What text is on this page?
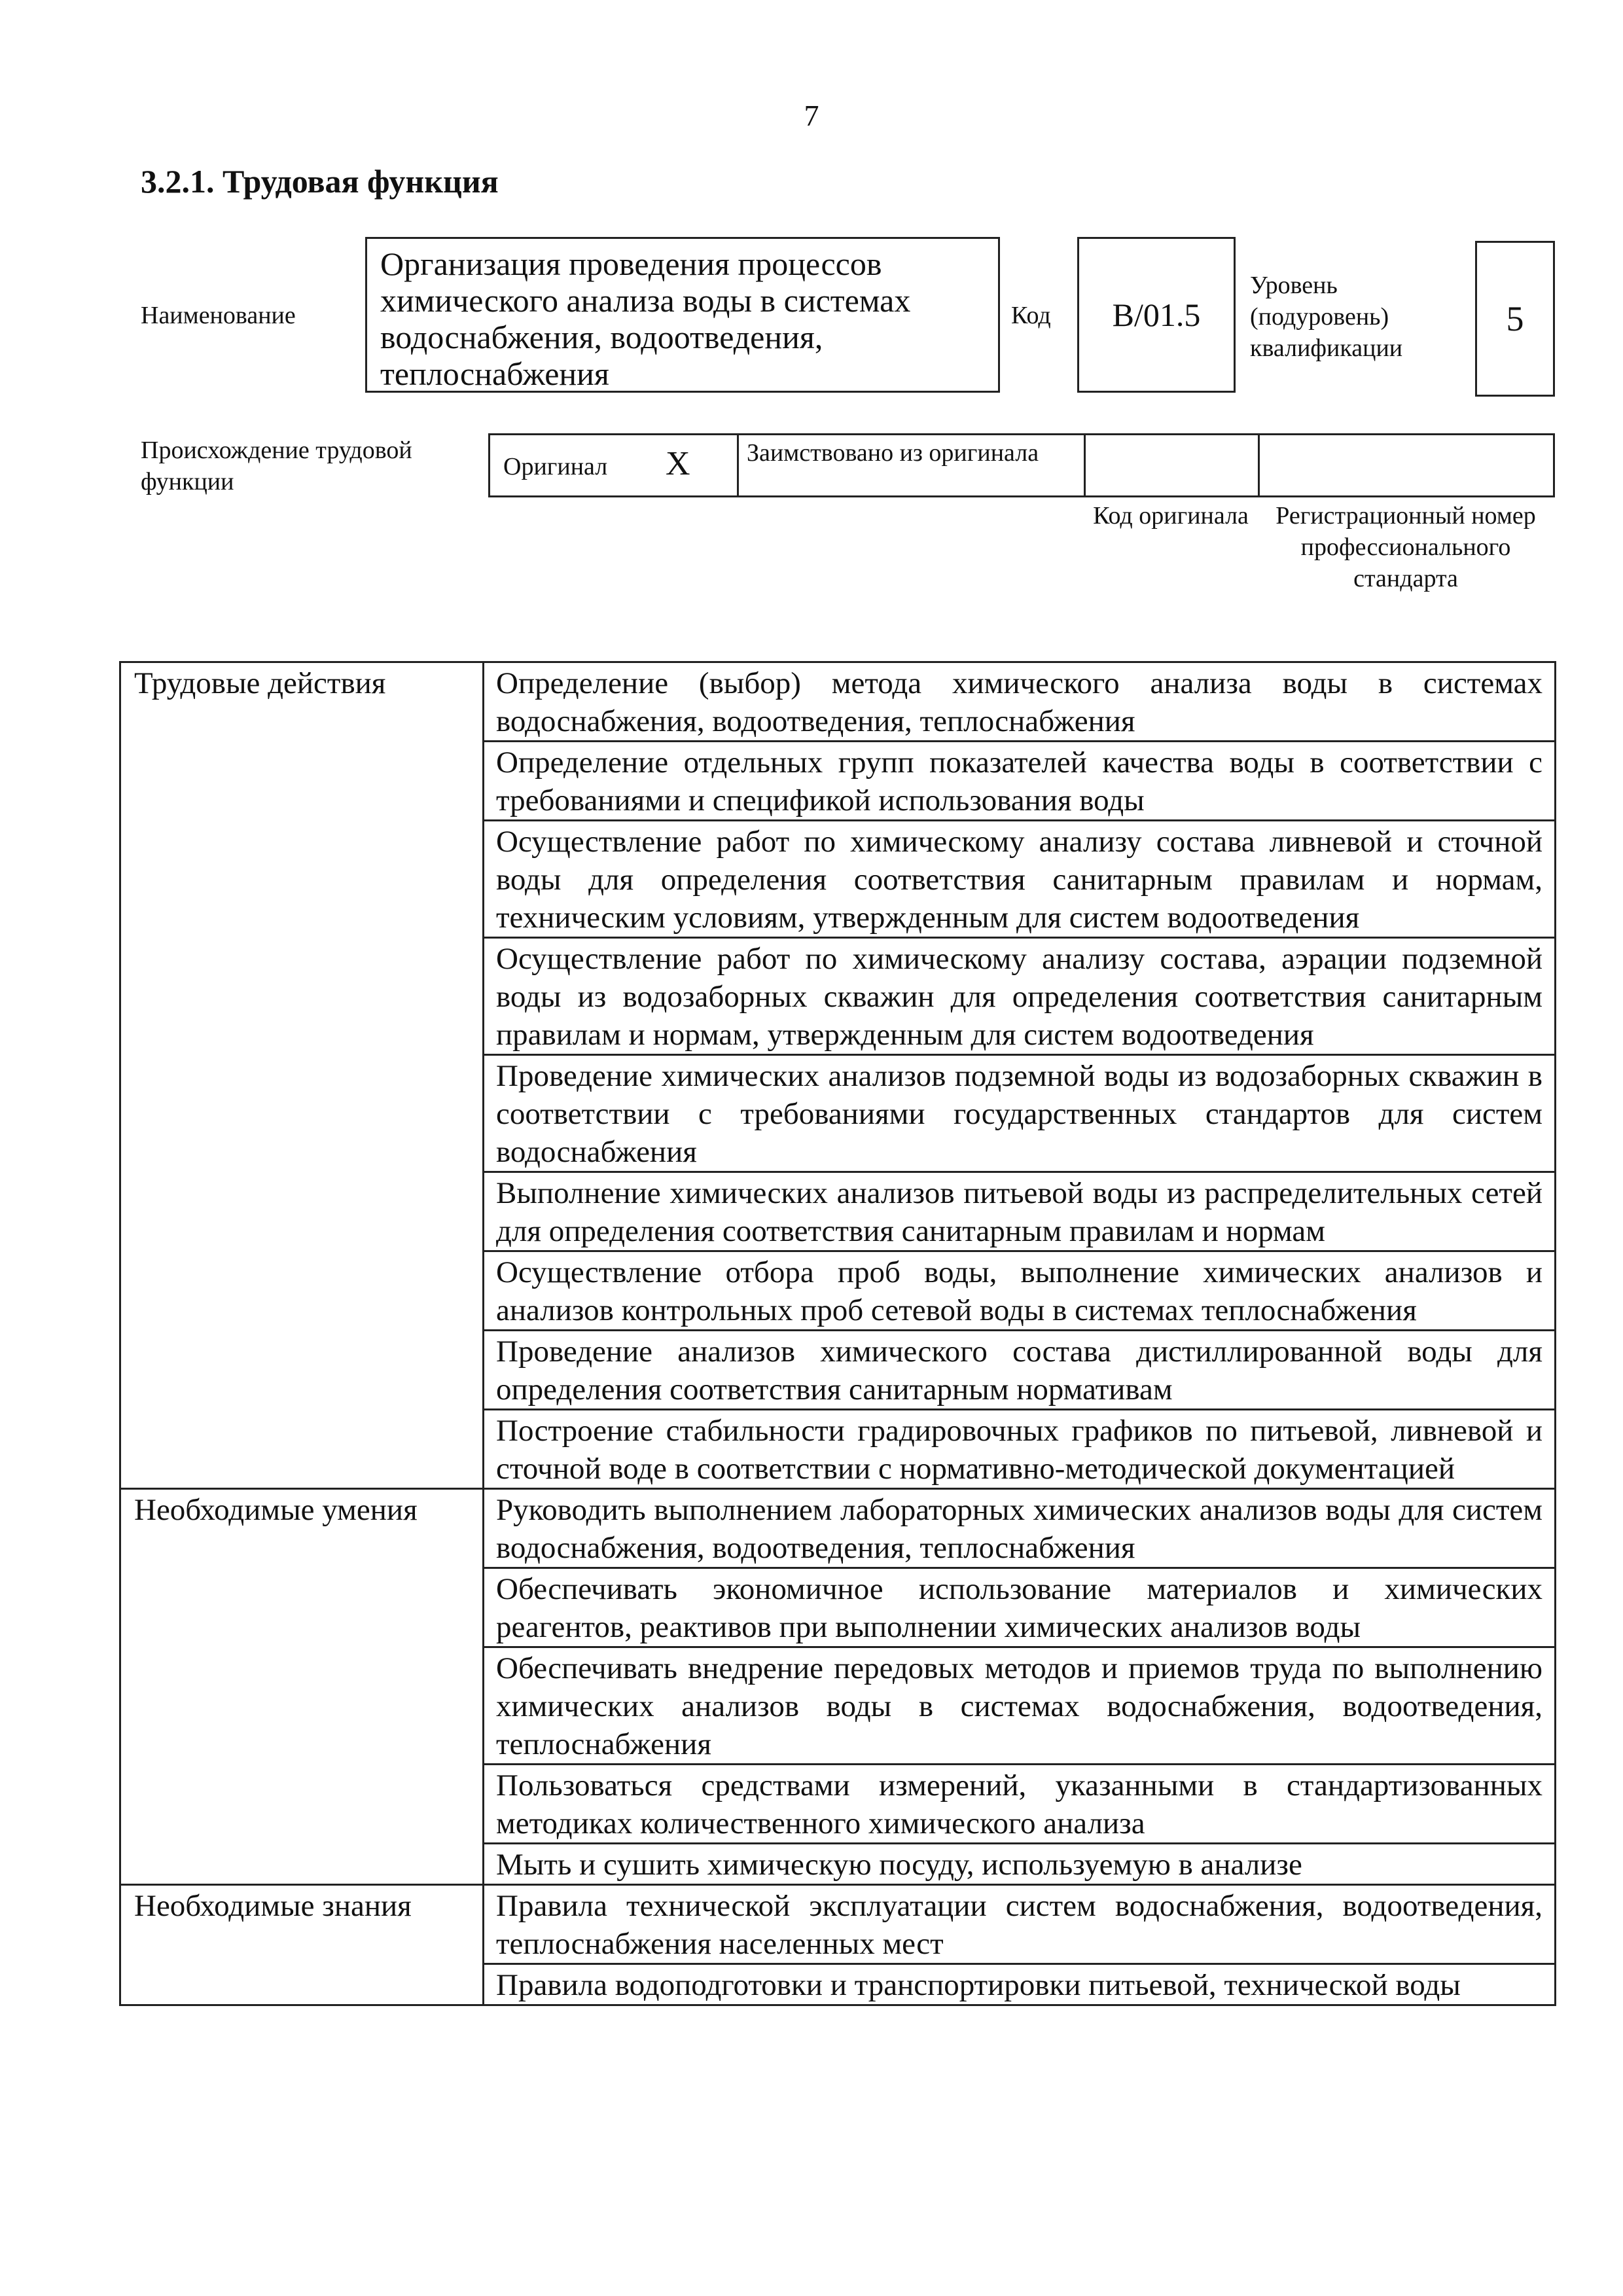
7
3.2.1. Трудовая функция
Наименование
Организация проведения процессов химического анализа воды в системах водоснабжения, водоотведения, теплоснабжения
Код B/01.5
Уровень (подуровень) квалификации
5
Происхождение трудовой функции
Оригинал X	Заимствовано из оригинала
Код оригинала	Регистрационный номер профессионального стандарта
Трудовые действия	Определение (выбор) метода химического анализа воды в системах водоснабжения, водоотведения, теплоснабжения
	Определение отдельных групп показателей качества воды в соответствии с требованиями и спецификой использования воды
	Осуществление работ по химическому анализу состава ливневой и сточной воды для определения соответствия санитарным правилам и нормам, техническим условиям, утвержденным для систем водоотведения
	Осуществление работ по химическому анализу состава, аэрации подземной воды из водозаборных скважин для определения соответствия санитарным правилам и нормам, утвержденным для систем водоотведения
	Проведение химических анализов подземной воды из водозаборных скважин в соответствии с требованиями государственных стандартов для систем водоснабжения
	Выполнение химических анализов питьевой воды из распределительных сетей для определения соответствия санитарным правилам и нормам
	Осуществление отбора проб воды, выполнение химических анализов и анализов контрольных проб сетевой воды в системах теплоснабжения
	Проведение анализов химического состава дистиллированной воды для определения соответствия санитарным нормативам
	Построение стабильности градировочных графиков по питьевой, ливневой и сточной воде в соответствии с нормативно-методической документацией
Необходимые умения	Руководить выполнением лабораторных химических анализов воды для систем водоснабжения, водоотведения, теплоснабжения
	Обеспечивать экономичное использование материалов и химических реагентов, реактивов при выполнении химических анализов воды
	Обеспечивать внедрение передовых методов и приемов труда по выполнению химических анализов воды в системах водоснабжения, водоотведения, теплоснабжения
	Пользоваться средствами измерений, указанными в стандартизованных методиках количественного химического анализа
	Мыть и сушить химическую посуду, используемую в анализе
Необходимые знания	Правила технической эксплуатации систем водоснабжения, водоотведения, теплоснабжения населенных мест
	Правила водоподготовки и транспортировки питьевой, технической воды
